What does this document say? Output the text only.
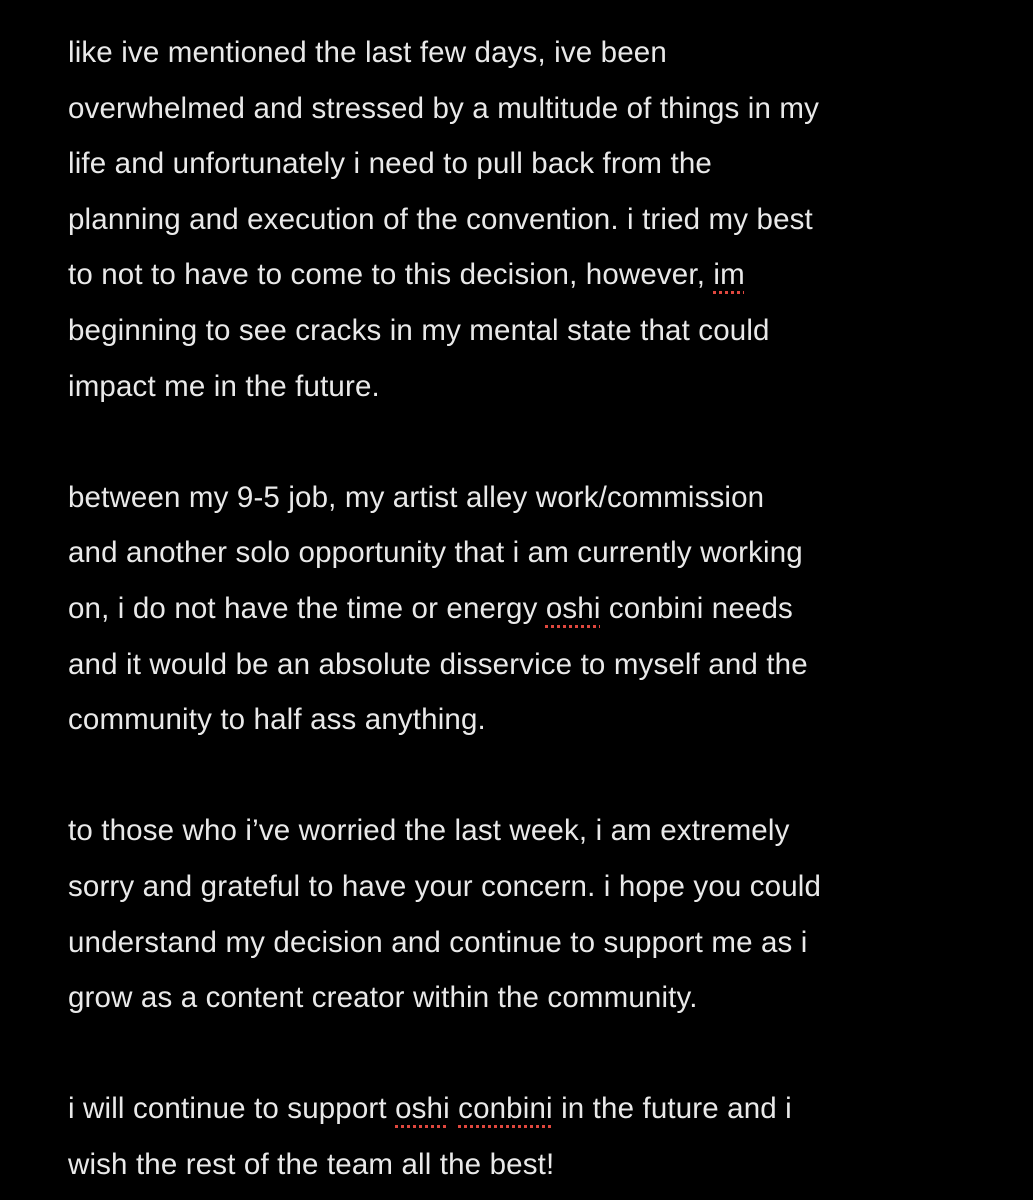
like ive mentioned the last few days, ive been
overwhelmed and stressed by a multitude of things in my
life and unfortunately i need to pull back from the
planning and execution of the convention. i tried my best
to not to have to come to this decision, however, im
beginning to see cracks in my mental state that could
impact me in the future.
between my 9-5 job, my artist alley work/commission
and another solo opportunity that i am currently working
on, i do not have the time or energy oshi conbini needs
and it would be an absolute disservice to myself and the
community to half ass anything.
to those who i’ve worried the last week, i am extremely
sorry and grateful to have your concern. i hope you could
understand my decision and continue to support me as i
grow as a content creator within the community.
i will continue to support oshi conbini in the future and i
wish the rest of the team all the best!
